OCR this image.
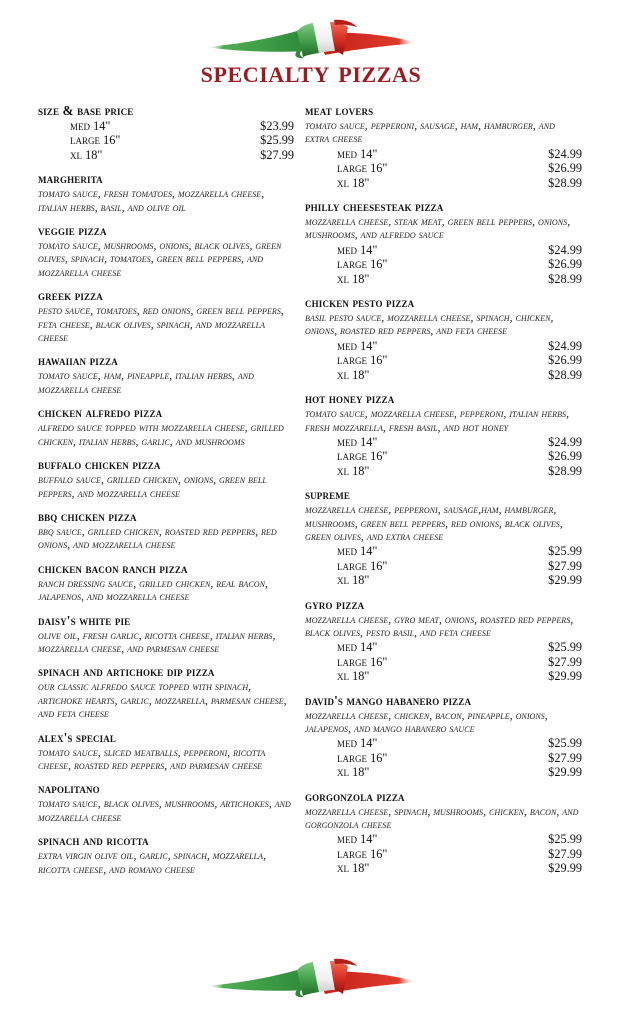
specialty pizzas
size & base price
med 14"	$23.99
large 16"	$25.99
xl 18"	$27.99
margherita
tomato sauce, fresh tomatoes, mozzarella cheese, italian herbs, basil, and olive oil
veggie pizza
tomato sauce, mushrooms, onions, black olives, green olives, spinach, tomatoes, green bell peppers, and mozzarella cheese
greek pizza
pesto sauce, tomatoes, red onions, green bell peppers, feta cheese, black olives, spinach, and mozzarella cheese
hawaiian pizza
tomato sauce, ham, pineapple, italian herbs, and mozzarella cheese
chicken alfredo pizza
alfredo sauce topped with mozzarella cheese, grilled chicken, italian herbs, garlic, and mushrooms
buffalo chicken pizza
buffalo sauce, grilled chicken, onions, green bell peppers, and mozzarella cheese
bbq chicken pizza
bbq sauce, grilled chicken, roasted red peppers, red onions, and mozzarella cheese
chicken bacon ranch pizza
ranch dressing sauce, grilled chicken, real bacon, jalapenos, and mozzarella cheese
daisy's white pie
olive oil, fresh garlic, ricotta cheese, italian herbs, mozzarella cheese, and parmesan cheese
spinach and artichoke dip pizza
our classic alfredo sauce topped with spinach, artichoke hearts, garlic, mozzarella, parmesan cheese, and feta cheese
alex's special
tomato sauce, sliced meatballs, pepperoni, ricotta cheese, roasted red peppers, and parmesan cheese
napolitano
tomato sauce, black olives, mushrooms, artichokes, and mozzarella cheese
spinach and ricotta
extra virgin olive oil, garlic, spinach, mozzarella, ricotta cheese, and romano cheese
meat lovers
tomato sauce, pepperoni, sausage, ham, hamburger, and extra cheese
med 14"	$24.99
large 16"	$26.99
xl 18"	$28.99
philly cheesesteak pizza
mozzarella cheese, steak meat, green bell peppers, onions, mushrooms, and alfredo sauce
med 14"	$24.99
large 16"	$26.99
xl 18"	$28.99
chicken pesto pizza
basil pesto sauce, mozzarella cheese, spinach, chicken, onions, roasted red peppers, and feta cheese
med 14"	$24.99
large 16"	$26.99
xl 18"	$28.99
hot honey pizza
tomato sauce, mozzarella cheese, pepperoni, italian herbs, fresh mozzarella, fresh basil, and hot honey
med 14"	$24.99
large 16"	$26.99
xl 18"	$28.99
supreme
mozzarella cheese, pepperoni, sausage,ham, hamburger, mushrooms, green bell peppers, red onions, black olives, green olives, and extra cheese
med 14"	$25.99
large 16"	$27.99
xl 18"	$29.99
gyro pizza
mozzarella cheese, gyro meat, onions, roasted red peppers, black olives, pesto basil, and feta cheese
med 14"	$25.99
large 16"	$27.99
xl 18"	$29.99
david's mango habanero pizza
mozzarella cheese, chicken, bacon, pineapple, onions, jalapenos, and mango habanero sauce
med 14"	$25.99
large 16"	$27.99
xl 18"	$29.99
gorgonzola pizza
mozzarella cheese, spinach, mushrooms, chicken, bacon, and gorgonzola cheese
med 14"	$25.99
large 16"	$27.99
xl 18"	$29.99
